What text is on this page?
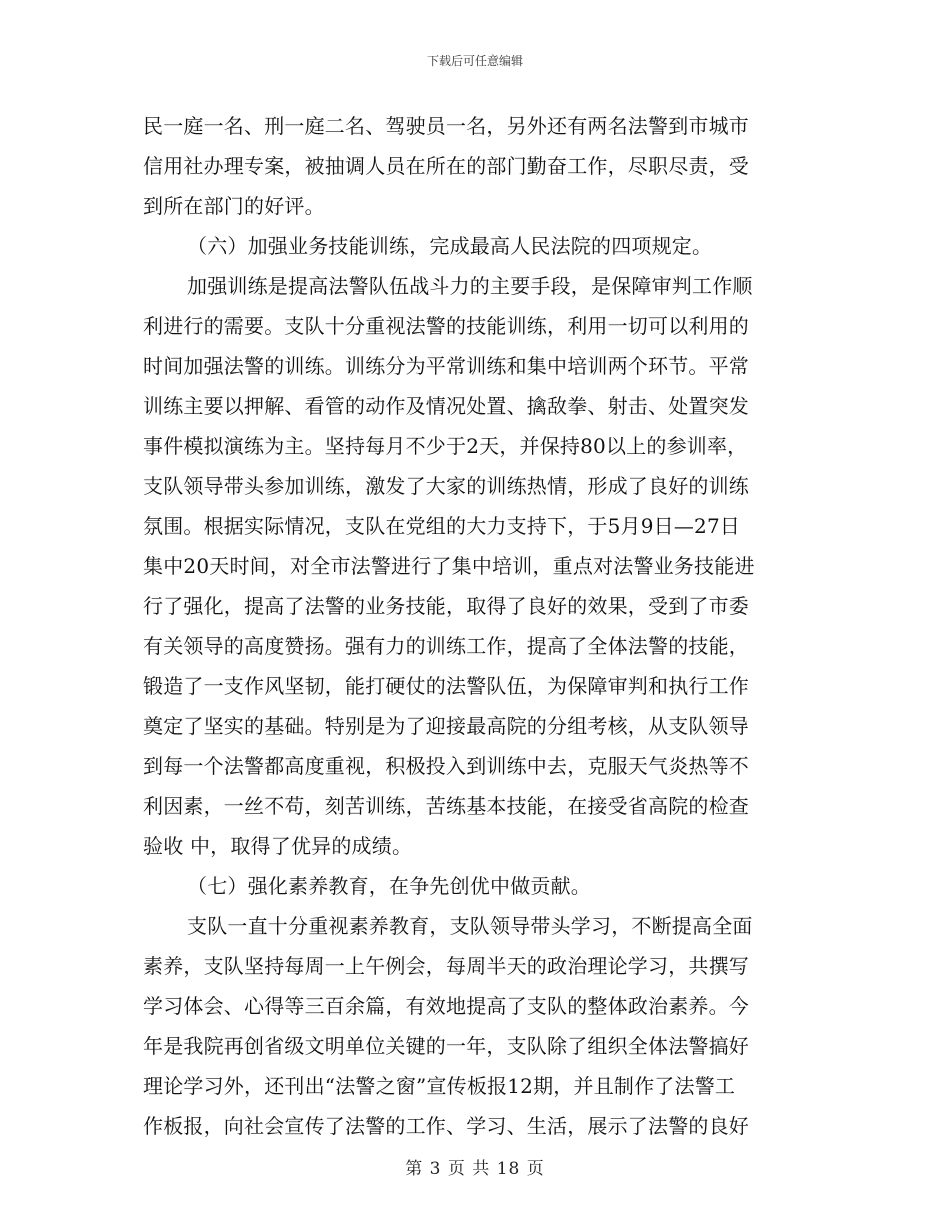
下载后可任意编辑
民一庭一名、刑一庭二名、驾驶员一名，另外还有两名法警到市城市
信用社办理专案，被抽调人员在所在的部门勤奋工作，尽职尽责，受
到所在部门的好评。
（六）加强业务技能训练，完成最高人民法院的四项规定。
加强训练是提高法警队伍战斗力的主要手段，是保障审判工作顺
利进行的需要。支队十分重视法警的技能训练，利用一切可以利用的
时间加强法警的训练。训练分为平常训练和集中培训两个环节。平常
训练主要以押解、看管的动作及情况处置、擒敌拳、射击、处置突发
事件模拟演练为主。坚持每月不少于2天，并保持80以上的参训率，
支队领导带头参加训练，激发了大家的训练热情，形成了良好的训练
氛围。根据实际情况，支队在党组的大力支持下，于5月9日—27日
集中20天时间，对全市法警进行了集中培训，重点对法警业务技能进
行了强化，提高了法警的业务技能，取得了良好的效果，受到了市委
有关领导的高度赞扬。强有力的训练工作，提高了全体法警的技能，
锻造了一支作风坚韧，能打硬仗的法警队伍，为保障审判和执行工作
奠定了坚实的基础。特别是为了迎接最高院的分组考核，从支队领导
到每一个法警都高度重视，积极投入到训练中去，克服天气炎热等不
利因素，一丝不苟，刻苦训练，苦练基本技能，在接受省高院的检查
验收 中，取得了优异的成绩。
（七）强化素养教育，在争先创优中做贡献。
支队一直十分重视素养教育，支队领导带头学习，不断提高全面
素养，支队坚持每周一上午例会，每周半天的政治理论学习，共撰写
学习体会、心得等三百余篇，有效地提高了支队的整体政治素养。今
年是我院再创省级文明单位关键的一年，支队除了组织全体法警搞好
理论学习外，还刊出“法警之窗”宣传板报12期，并且制作了法警工
作板报，向社会宣传了法警的工作、学习、生活，展示了法警的良好
第 3 页 共 18 页
